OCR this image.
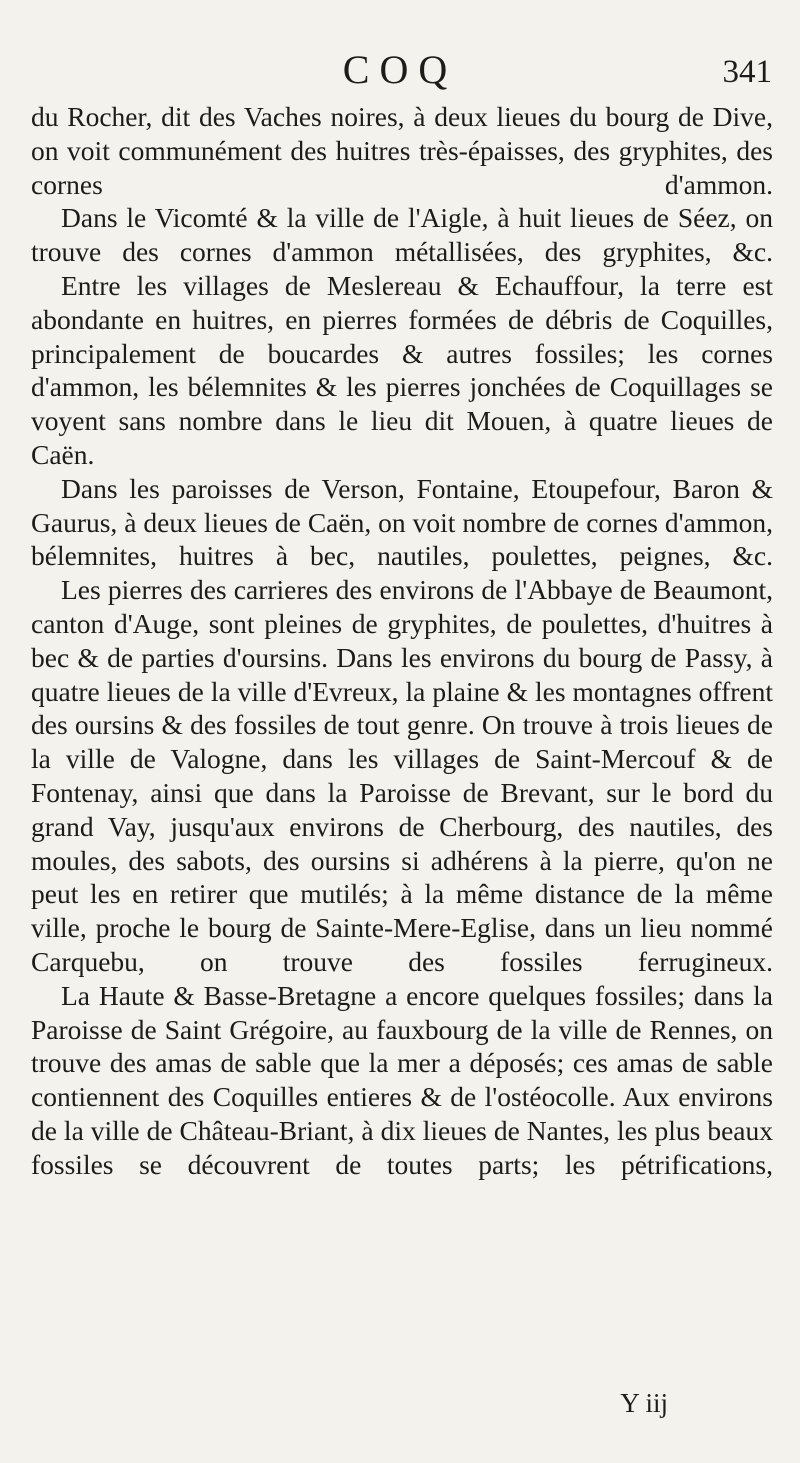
COQ	341

du Rocher, dit des Vaches noires, à deux lieues du bourg de Dive, on voit communément des huitres très-épaisses, des gryphites, des cornes d'ammon.

Dans le Vicomté & la ville de l'Aigle, à huit lieues de Séez, on trouve des cornes d'ammon métallisées, des gryphites, &c.

Entre les villages de Meslereau & Echauffour, la terre est abondante en huitres, en pierres formées de débris de Coquilles, principalement de boucardes & autres fossiles; les cornes d'ammon, les bélemnites & les pierres jonchées de Coquillages se voyent sans nombre dans le lieu dit Mouen, à quatre lieues de Caën.

Dans les paroisses de Verson, Fontaine, Etoupefour, Baron & Gaurus, à deux lieues de Caën, on voit nombre de cornes d'ammon, bélemnites, huitres à bec, nautiles, poulettes, peignes, &c.

Les pierres des carrieres des environs de l'Abbaye de Beaumont, canton d'Auge, sont pleines de gryphites, de poulettes, d'huitres à bec & de parties d'oursins. Dans les environs du bourg de Passy, à quatre lieues de la ville d'Evreux, la plaine & les montagnes offrent des oursins & des fossiles de tout genre. On trouve à trois lieues de la ville de Valogne, dans les villages de Saint-Mercouf & de Fontenay, ainsi que dans la Paroisse de Brevant, sur le bord du grand Vay, jusqu'aux environs de Cherbourg, des nautiles, des moules, des sabots, des oursins si adhérens à la pierre, qu'on ne peut les en retirer que mutilés; à la même distance de la même ville, proche le bourg de Sainte-Mere-Eglise, dans un lieu nommé Carquebu, on trouve des fossiles ferrugineux.

La Haute & Basse-Bretagne a encore quelques fossiles; dans la Paroisse de Saint Grégoire, au fauxbourg de la ville de Rennes, on trouve des amas de sable que la mer a déposés; ces amas de sable contiennent des Coquilles entieres & de l'ostéocolle. Aux environs de la ville de Château-Briant, à dix lieues de Nantes, les plus beaux fossiles se découvrent de toutes parts; les pétrifications,

Y iij
